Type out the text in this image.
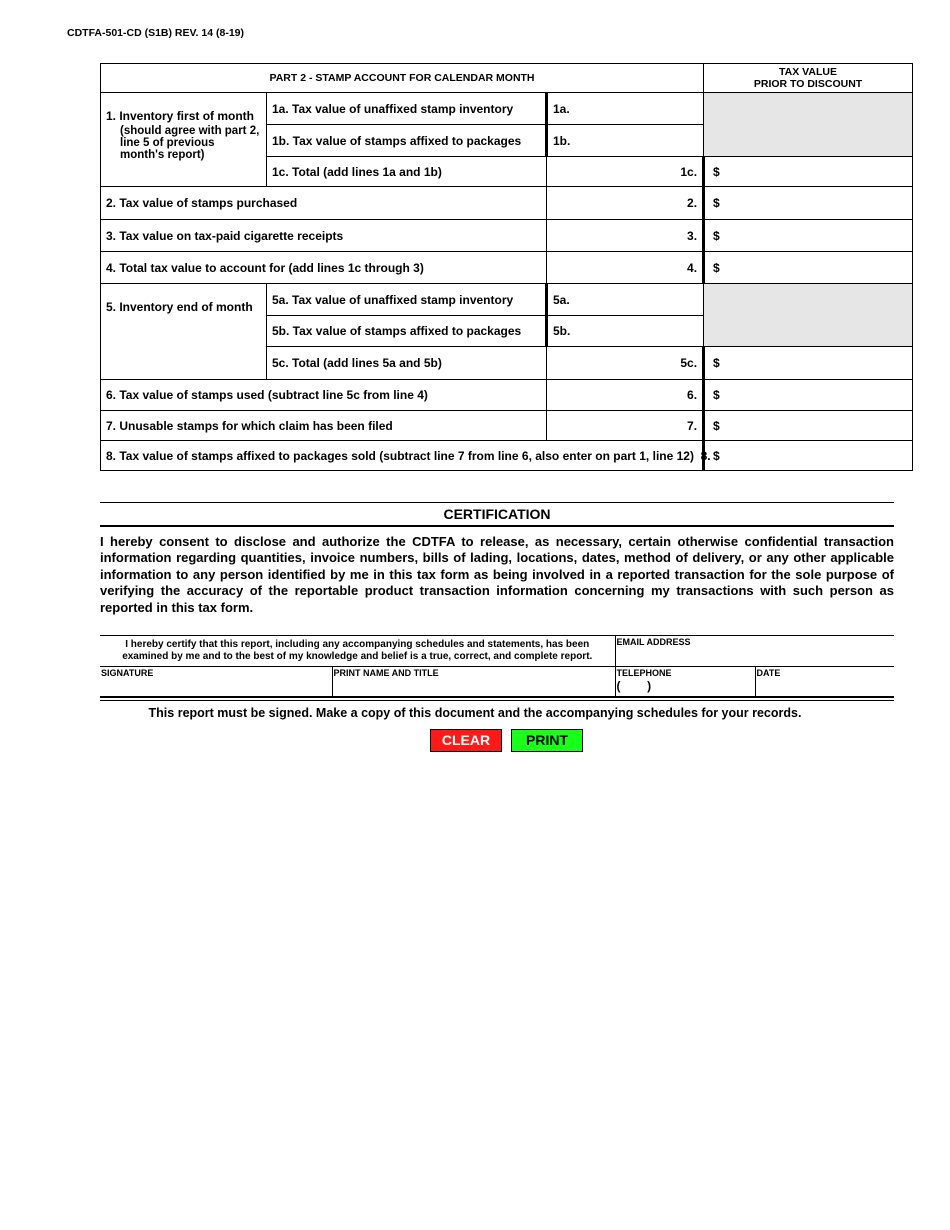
CDTFA-501-CD (S1B) REV. 14 (8-19)
PART 2 - STAMP ACCOUNT FOR CALENDAR MONTH			TAX VALUE
PRIOR TO DISCOUNT

1. Inventory first of month
(should agree with part 2, line 5 of previous month's report)	1a. Tax value of unaffixed stamp inventory	1a.	
	1b. Tax value of stamps affixed to packages	1b.	
	1c. Total (add lines 1a and 1b)	1c.	$
2. Tax value of stamps purchased		2.	$
3. Tax value on tax-paid cigarette receipts		3.	$
4. Total tax value to account for (add lines 1c through 3)		4.	$

5. Inventory end of month	5a. Tax value of unaffixed stamp inventory	5a.	
	5b. Tax value of stamps affixed to packages	5b.	
	5c. Total (add lines 5a and 5b)	5c.	$
6. Tax value of stamps used (subtract line 5c from line 4)		6.	$
7. Unusable stamps for which claim has been filed		7.	$
8. Tax value of stamps affixed to packages sold (subtract line 7 from line 6, also enter on part 1, line 12) 8.			$
CERTIFICATION
I hereby consent to disclose and authorize the CDTFA to release, as necessary, certain otherwise confidential transaction information regarding quantities, invoice numbers, bills of lading, locations, dates, method of delivery, or any other applicable information to any person identified by me in this tax form as being involved in a reported transaction for the sole purpose of verifying the accuracy of the reportable product transaction information concerning my transactions with such person as reported in this tax form.
I hereby certify that this report, including any accompanying schedules and statements, has been examined by me and to the best of my knowledge and belief is a true, correct, and complete report.		EMAIL ADDRESS	
SIGNATURE	PRINT NAME AND TITLE	TELEPHONE
(        )	DATE
This report must be signed. Make a copy of this document and the accompanying schedules for your records.
CLEAR	PRINT
